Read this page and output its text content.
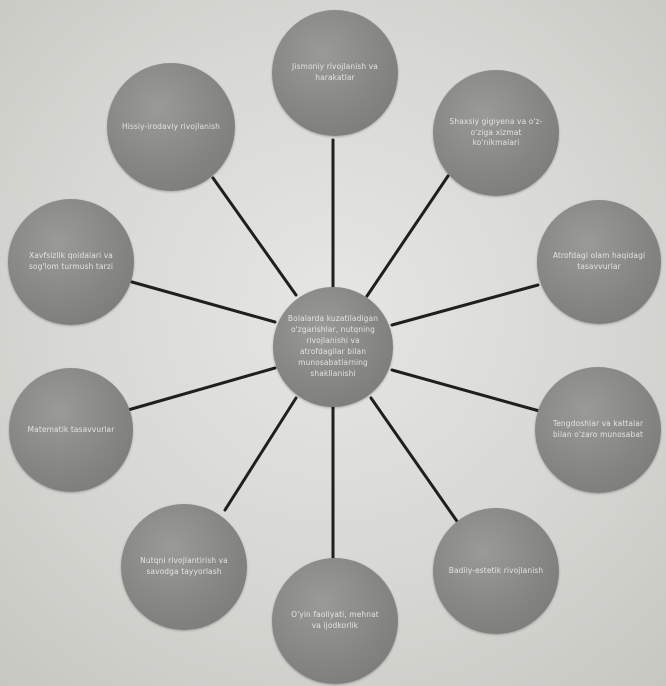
Bolalarda kuzatiladigan o'zgarishlar, nutqning rivojlanishi va atrofdagilar bilan munosabatlarning shakllanishi
Jismoniy rivojlanish va harakatlar
Shaxsiy gigiyena va o'z-o'ziga xizmat ko'nikmalari
Atrofdagi olam haqidagi tasavvurlar
Tengdoshlar va kattalar bilan o'zaro munosabat
Badiiy-estetik rivojlanish
O'yin faoliyati, mehnat va ijodkorlik
Nutqni rivojlantirish va savodga tayyorlash
Matematik tasavvurlar
Xavfsizlik qoidalari va sog'lom turmush tarzi
Hissiy-irodaviy rivojlanish
